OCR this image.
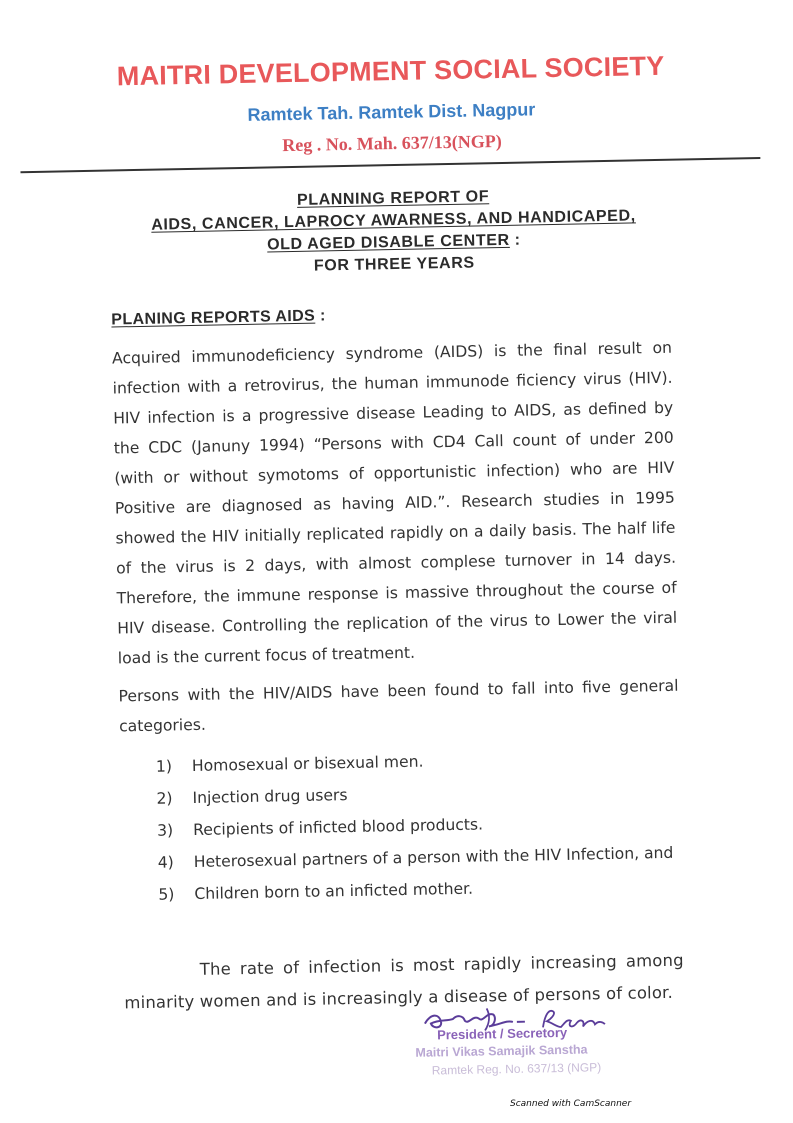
MAITRI DEVELOPMENT SOCIAL SOCIETY
Ramtek Tah. Ramtek Dist. Nagpur
Reg . No. Mah. 637/13(NGP)
PLANNING REPORT OF
AIDS, CANCER, LAPROCY AWARNESS, AND HANDICAPED,
OLD AGED DISABLE CENTER :
FOR THREE YEARS
PLANING REPORTS AIDS :
Acquired immunodeficiency syndrome (AIDS) is the final result on infection with a retrovirus, the human immunode ficiency virus (HIV). HIV infection is a progressive disease Leading to AIDS, as defined by the CDC (Januny 1994) “Persons with CD4 Call count of under 200 (with or without symotoms of opportunistic infection) who are HIV Positive are diagnosed as having AID.”. Research studies in 1995 showed the HIV initially replicated rapidly on a daily basis. The half life of the virus is 2 days, with almost complese turnover in 14 days. Therefore, the immune response is massive throughout the course of HIV disease. Controlling the replication of the virus to Lower the viral load is the current focus of treatment.
Persons with the HIV/AIDS have been found to fall into five general categories.
1)	Homosexual or bisexual men.
2)	Injection drug users
3)	Recipients of inficted blood products.
4)	Heterosexual partners of a person with the HIV Infection, and
5)	Children born to an inficted mother.
The rate of infection is most rapidly increasing among minarity women and is increasingly a disease of persons of color.
President / Secretory
Maitri Vikas Samajik Sanstha
Ramtek Reg. No. 637/13 (NGP)
Scanned with CamScanner
